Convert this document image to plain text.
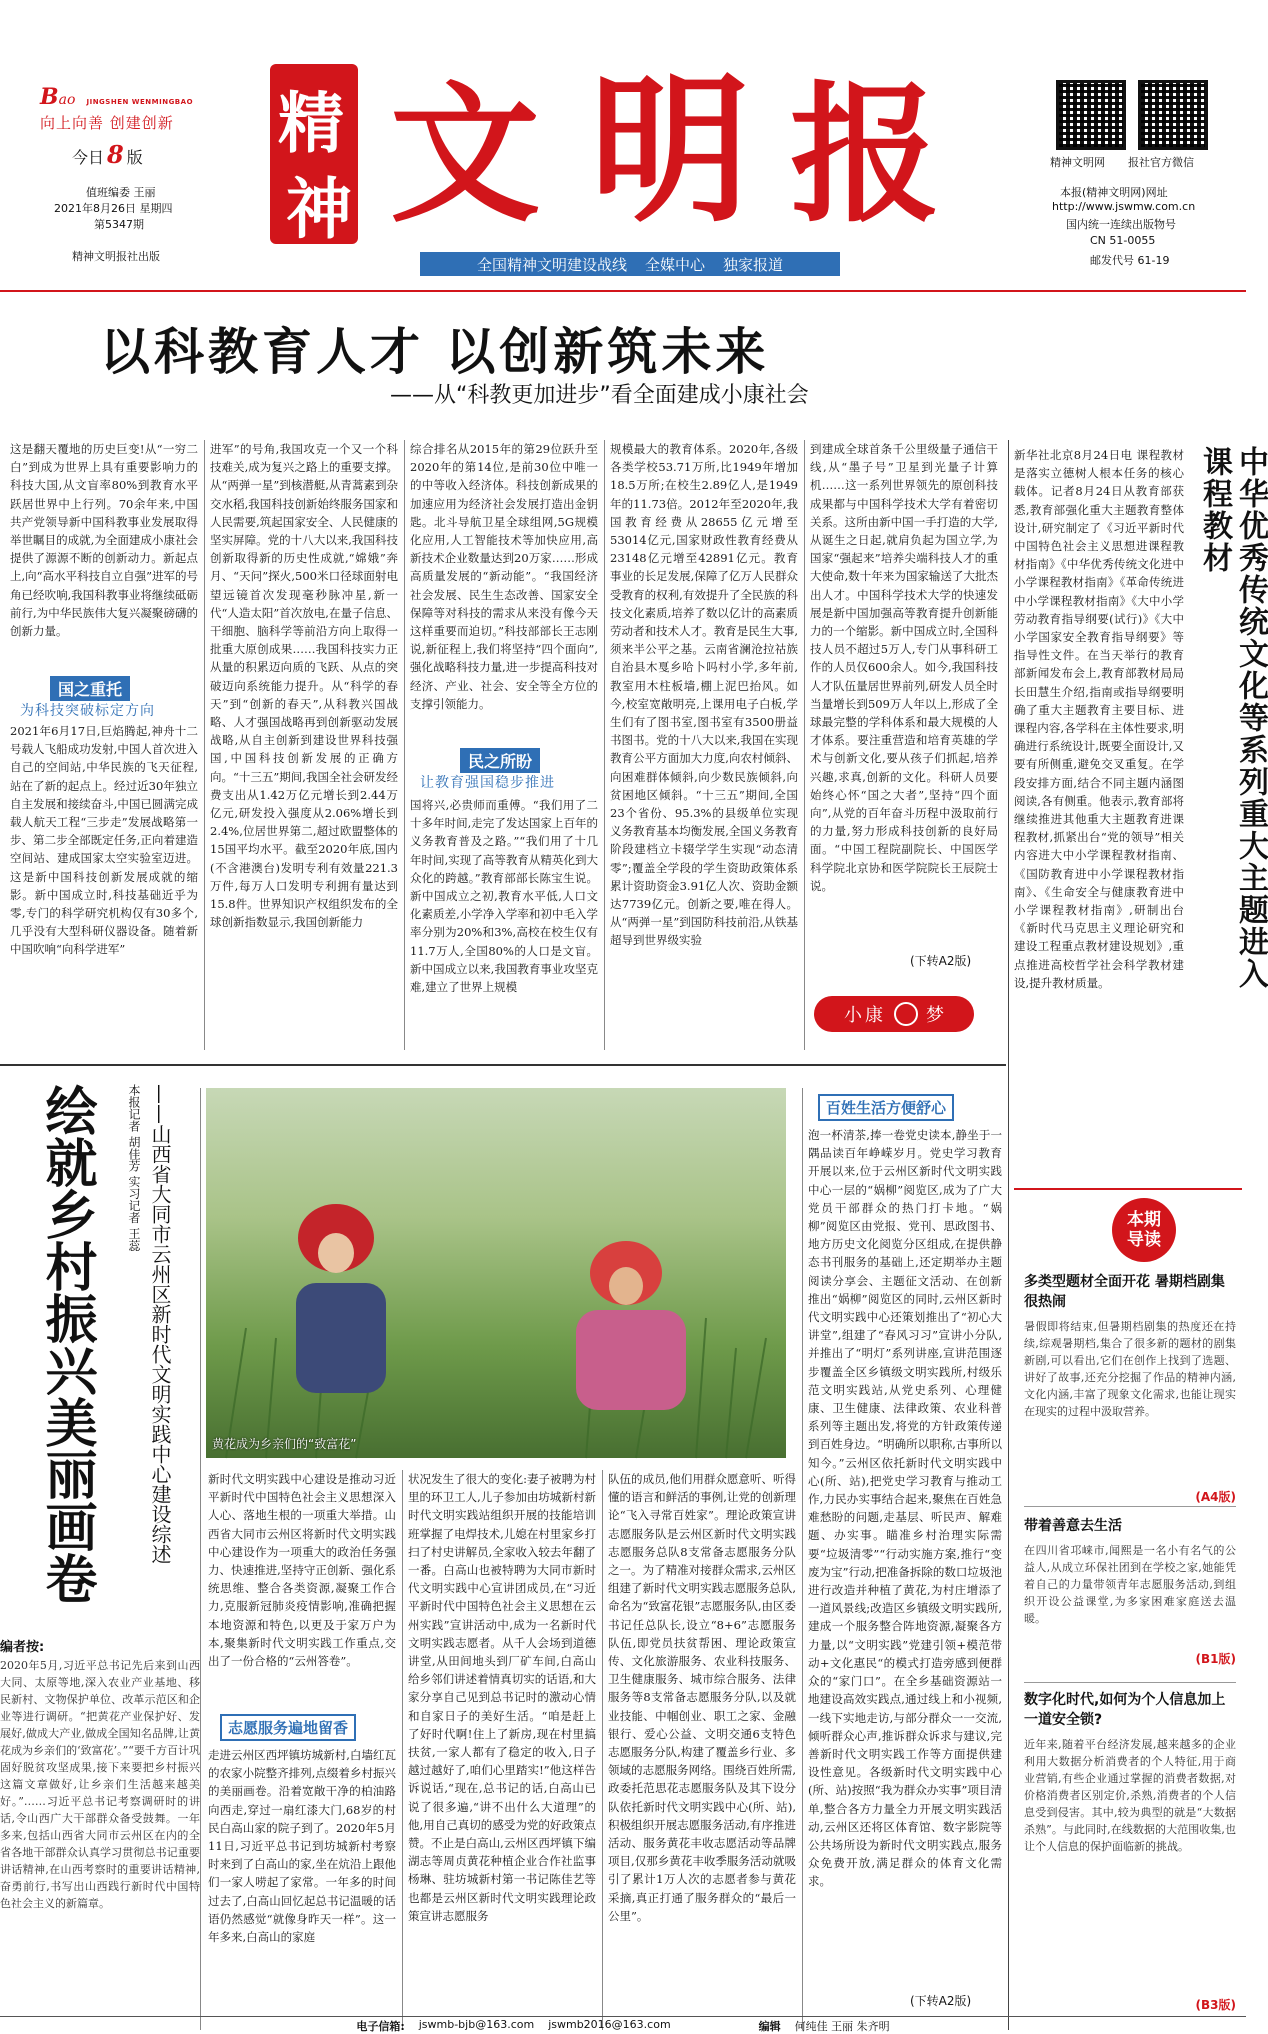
Bao JINGSHEN WENMINGBAO
向上向善 创建创新
今日 8 版
值班编委 王丽
2021年8月26日 星期四
第5347期
精神文明报社出版
精
神 文 明 报
全国精神文明建设战线 全媒中心 独家报道
精神文明网 报社官方微信
本报(精神文明网)网址
http://www.jswmw.com.cn
国内统一连续出版物号
CN 51-0055
邮发代号 61-19
以科教育人才 以创新筑未来
——从“科教更加进步”看全面建成小康社会
这是翻天覆地的历史巨变!从“一穷二白”到成为世界上具有重要影响力的科技大国,从文盲率80%到教育水平跃居世界中上行列。70余年来,中国共产党领导新中国科教事业发展取得举世瞩目的成就,为全面建成小康社会提供了源源不断的创新动力。新起点上,向“高水平科技自立自强”进军的号角已经吹响,我国科教事业将继续砥砺前行,为中华民族伟大复兴凝聚磅礴的创新力量。
国之重托
为科技突破标定方向
2021年6月17日,巨焰腾起,神舟十二号载人飞船成功发射,中国人首次进入自己的空间站,中华民族的飞天征程,站在了新的起点上。经过近30年独立自主发展和接续奋斗,中国已圆满完成载人航天工程“三步走”发展战略第一步、第二步全部既定任务,正向着建造空间站、建成国家太空实验室迈进。这是新中国科技创新发展成就的缩影。新中国成立时,科技基础近乎为零,专门的科学研究机构仅有30多个,几乎没有大型科研仪器设备。随着新中国吹响“向科学进军”
进军”的号角,我国攻克一个又一个科技难关,成为复兴之路上的重要支撑。从“两弹一星”到核潜艇,从青蒿素到杂交水稻,我国科技创新始终服务国家和人民需要,筑起国家安全、人民健康的坚实屏障。党的十八大以来,我国科技创新取得新的历史性成就,“嫦娥”奔月、“天问”探火,500米口径球面射电望远镜首次发现毫秒脉冲星,新一代“人造太阳”首次放电,在量子信息、干细胞、脑科学等前沿方向上取得一批重大原创成果……我国科技实力正从量的积累迈向质的飞跃、从点的突破迈向系统能力提升。从“科学的春天”到“创新的春天”,从科教兴国战略、人才强国战略再到创新驱动发展战略,从自主创新到建设世界科技强国,中国科技创新发展的正确方向。“十三五”期间,我国全社会研发经费支出从1.42万亿元增长到2.44万亿元,研发投入强度从2.06%增长到2.4%,位居世界第二,超过欧盟整体的15国平均水平。截至2020年底,国内(不含港澳台)发明专利有效量221.3万件,每万人口发明专利拥有量达到15.8件。世界知识产权组织发布的全球创新指数显示,我国创新能力
综合排名从2015年的第29位跃升至2020年的第14位,是前30位中唯一的中等收入经济体。科技创新成果的加速应用为经济社会发展打造出金钥匙。北斗导航卫星全球组网,5G规模化应用,人工智能技术等加快应用,高新技术企业数量达到20万家……形成高质量发展的“新动能”。“我国经济社会发展、民生生态改善、国家安全保障等对科技的需求从来没有像今天这样重要而迫切。”科技部部长王志刚说,新征程上,我们将坚持“四个面向”,强化战略科技力量,进一步提高科技对经济、产业、社会、安全等全方位的支撑引领能力。
民之所盼
让教育强国稳步推进
国将兴,必贵师而重傅。“我们用了二十多年时间,走完了发达国家上百年的义务教育普及之路。”“我们用了十几年时间,实现了高等教育从精英化到大众化的跨越。”教育部部长陈宝生说。新中国成立之初,教育水平低,人口文化素质差,小学净入学率和初中毛入学率分别为20%和3%,高校在校生仅有11.7万人,全国80%的人口是文盲。新中国成立以来,我国教育事业攻坚克难,建立了世界上规模
规模最大的教育体系。2020年,各级各类学校53.71万所,比1949年增加18.5万所;在校生2.89亿人,是1949年的11.73倍。2012年至2020年,我国教育经费从28655亿元增至53014亿元,国家财政性教育经费从23148亿元增至42891亿元。教育事业的长足发展,保障了亿万人民群众受教育的权利,有效提升了全民族的科技文化素质,培养了数以亿计的高素质劳动者和技术人才。教育是民生大事,须来半公平之基。云南省澜沧拉祜族自治县木戛乡哈卜吗村小学,多年前,教室用木柱板墙,棚上泥巴抬风。如今,校室宽敞明亮,上课用电子白板,学生们有了图书室,图书室有3500册益书图书。党的十八大以来,我国在实现教育公平方面加大力度,向农村倾斜、向困难群体倾斜,向少数民族倾斜,向贫困地区倾斜。“十三五”期间,全国23个省份、95.3%的县级单位实现义务教育基本均衡发展,全国义务教育阶段建档立卡辍学学生实现“动态清零”;覆盖全学段的学生资助政策体系累计资助资金3.91亿人次、资助金额达7739亿元。创新之要,唯在得人。从“两弹一星”到国防科技前沿,从铁基超导到世界级实验
到建成全球首条千公里级量子通信干线,从“墨子号”卫星到光量子计算机……这一系列世界领先的原创科技成果都与中国科学技术大学有着密切关系。这所由新中国一手打造的大学,从诞生之日起,就肩负起为国立学,为国家“强起来”培养尖端科技人才的重大使命,数十年来为国家输送了大批杰出人才。中国科学技术大学的快速发展是新中国加强高等教育提升创新能力的一个缩影。新中国成立时,全国科技人员不超过5万人,专门从事科研工作的人员仅600余人。如今,我国科技人才队伍量居世界前列,研发人员全时当量增长到509万人年以上,形成了全球最完整的学科体系和最大规模的人才体系。要注重营造和培育英雄的学术与创新文化,要从孩子们抓起,培养兴趣,求真,创新的文化。科研人员要始终心怀“国之大者”,坚持“四个面向”,从党的百年奋斗历程中汲取前行的力量,努力形成科技创新的良好局面。“中国工程院副院长、中国医学科学院北京协和医学院院长王辰院士说。
(下转A2版)
小康 梦
新华社北京8月24日电 课程教材是落实立德树人根本任务的核心载体。记者8月24日从教育部获悉,教育部强化重大主题教育整体设计,研究制定了《习近平新时代中国特色社会主义思想进课程教材指南》《中华优秀传统文化进中小学课程教材指南》《革命传统进中小学课程教材指南》《大中小学劳动教育指导纲要(试行)》《大中小学国家安全教育指导纲要》等指导性文件。在当天举行的教育部新闻发布会上,教育部教材局局长田慧生介绍,指南或指导纲要明确了重大主题教育主要目标、进课程内容,各学科在主体性要求,明确进行系统设计,既要全面设计,又要有所侧重,避免交叉重复。在学段安排方面,结合不同主题内涵图阅读,各有侧重。他表示,教育部将继续推进其他重大主题教育进课程教材,抓紧出台“党的领导”相关内容进大中小学课程教材指南、《国防教育进中小学课程教材指南》、《生命安全与健康教育进中小学课程教材指南》,研制出台《新时代马克思主义理论研究和建设工程重点教材建设规划》,重点推进高校哲学社会科学教材建设,提升教材质量。	中华优秀传统文化等系列重大主题进入课程教材
本期导读
多类型题材全面开花 暑期档剧集很热闹
暑假即将结束,但暑期档剧集的热度还在持续,综观暑期档,集合了很多新的题材的剧集新剧,可以看出,它们在创作上找到了选题、讲好了故事,还充分挖掘了作品的精神内涵,文化内涵,丰富了现象文化需求,也能让现实在现实的过程中汲取营养。
(A4版)
带着善意去生活
在四川省邛崃市,闻熙是一名小有名气的公益人,从成立环保社团到在学校之家,她能凭着自己的力量带领青年志愿服务活动,到组织开设公益课堂,为多家困难家庭送去温暖。
(B1版)
数字化时代,如何为个人信息加上一道安全锁?
近年来,随着平台经济发展,越来越多的企业利用大数据分析消费者的个人特征,用于商业营销,有些企业通过掌握的消费者数据,对价格消费者区别定价,杀熟,消费者的个人信息受到侵害。其中,较为典型的就是“大数据杀熟”。与此同时,在线数据的大范围收集,也让个人信息的保护面临新的挑战。
(B3版)
本报记者 胡佳芳 实习记者 王蕊
绘就乡村振兴美丽画卷	——山西省大同市云州区新时代文明实践中心建设综述
编者按:
2020年5月,习近平总书记先后来到山西大同、太原等地,深入农业产业基地、移民新村、文物保护单位、改革示范区和企业等进行调研。“把黄花产业保护好、发展好,做成大产业,做成全国知名品牌,让黄花成为乡亲们的‘致富花’。”“要千方百计巩固好脱贫攻坚成果,接下来要把乡村振兴这篇文章做好,让乡亲们生活越来越美好。”……习近平总书记考察调研时的讲话,令山西广大干部群众备受鼓舞。一年多来,包括山西省大同市云州区在内的全省各地干部群众认真学习贯彻总书记重要讲话精神,在山西考察时的重要讲话精神,奋勇前行,书写出山西践行新时代中国特色社会主义的新篇章。
黄花成为乡亲们的“致富花”
新时代文明实践中心建设是推动习近平新时代中国特色社会主义思想深入人心、落地生根的一项重大举措。山西省大同市云州区将新时代文明实践中心建设作为一项重大的政治任务强力、快速推进,坚持守正创新、强化系统思维、整合各类资源,凝聚工作合力,克服新冠肺炎疫情影响,准确把握本地资源和特色,以更及于家万户为本,聚集新时代文明实践工作重点,交出了一份合格的“云州答卷”。
志愿服务遍地留香
走进云州区西坪镇坊城新村,白墙红瓦的农家小院整齐排列,点缀着乡村振兴的美丽画卷。沿着宽敞干净的柏油路向西走,穿过一扇红漆大门,68岁的村民白高山家的院子到了。2020年5月11日,习近平总书记到坊城新村考察时来到了白高山的家,坐在炕沿上跟他们一家人唠起了家常。一年多的时间过去了,白高山回忆起总书记温暖的话语仍然感觉“就像身昨天一样”。这一年多来,白高山的家庭
状况发生了很大的变化:妻子被聘为村里的环卫工人,儿子参加由坊城新村新时代文明实践站组织开展的技能培训班掌握了电焊技术,儿媳在村里家乡打扫了村史讲解员,全家收入较去年翻了一番。白高山也被特聘为大同市新时代文明实践中心宣讲团成员,在“习近平新时代中国特色社会主义思想在云州实践”宣讲活动中,成为一名新时代文明实践志愿者。从千人会场到道德讲堂,从田间地头到厂矿车间,白高山给乡邻们讲述着情真切实的话语,和大家分享自己见到总书记时的激动心情和自家日子的美好生活。“咱是赶上了好时代啊!住上了新房,现在村里搞扶贫,一家人都有了稳定的收入,日子越过越好了,咱们心里踏实!”他这样告诉说话,“现在,总书记的话,白高山已说了很多遍,“讲不出什么大道理”的他,用自己真切的感受为党的好政策点赞。不止是白高山,云州区西坪镇下编湖志等周贞黄花种植企业合作社监事杨琳、驻坊城新村第一书记陈佳艺等也都是云州区新时代文明实践理论政策宣讲志愿服务
队伍的成员,他们用群众愿意听、听得懂的语言和鲜活的事例,让党的创新理论“飞入寻常百姓家”。理论政策宣讲志愿服务队是云州区新时代文明实践志愿服务总队8支常备志愿服务分队之一。为了精准对接群众需求,云州区组建了新时代文明实践志愿服务总队,命名为“致富花银”志愿服务队,由区委书记任总队长,设立“8+6”志愿服务队伍,即党员扶贫帮困、理论政策宣传、文化旅游服务、农业科技服务、卫生健康服务、城市综合服务、法律服务等8支常备志愿服务分队,以及就业技能、中帼创业、职工之家、金融银行、爱心公益、文明交通6支特色志愿服务分队,构建了覆盖乡行业、多领域的志愿服务网络。围绕百姓所需,政委托范思花志愿服务队及其下设分队依托新时代文明实践中心(所、站),积极组织开展志愿服务活动,有序推进活动、服务黄花丰收志愿活动等品牌项目,仅那乡黄花丰收季服务活动就吸引了累计1万人次的志愿者参与黄花采摘,真正打通了服务群众的“最后一公里”。
百姓生活方便舒心
泡一杯清茶,捧一卷党史读本,静坐于一隅品读百年峥嵘岁月。党史学习教育开展以来,位于云州区新时代文明实践中心一层的“娲柳”阅览区,成为了广大党员干部群众的热门打卡地。“娲柳”阅览区由党报、党刊、思政图书、地方历史文化阅览分区组成,在提供静态书刊服务的基础上,还定期举办主题阅读分享会、主题征文活动、在创新推出“娲柳”阅览区的同时,云州区新时代文明实践中心还策划推出了“初心大讲堂”,组建了“春风习习”宣讲小分队,并推出了“明灯”系列讲座,宣讲范围逐步覆盖全区乡镇级文明实践所,村级乐范文明实践站,从党史系列、心理健康、卫生健康、法律政策、农业科普系列等主题出发,将党的方针政策传递到百姓身边。“明确所以职称,古事所以知今。”云州区依托新时代文明实践中心(所、站),把党史学习教育与推动工作,力民办实事结合起来,聚焦在百姓急难愁盼的问题,走基层、听民声、解难题、办实事。瞄准乡村治理实际需要“垃圾清零”“行动实施方案,推行“变废为宝”行动,把准备拆除的数口垃圾池进行改造并种植了黄花,为村庄增添了一道风景线;改造区乡镇级文明实践所,建成一个服务整合阵地资源,凝聚各方力量,以“文明实践”党建引领+模范带动+文化惠民“的模式打造旁感到便群众的“家门口”。在全乡基础资源站一地建设高效实践点,通过线上和小视频,一线下实地走访,与部分群众一一交流,倾听群众心声,推诉群众诉求与建议,完善新时代文明实践工作等方面提供建设性意见。各级新时代文明实践中心(所、站)按照“我为群众办实事”项目清单,整合各方力量全力开展文明实践活动,云州区还将区体育馆、数字影院等公共场所设为新时代文明实践点,服务众免费开放,满足群众的体育文化需求。
(下转A2版)
电子信箱: jswmb-bjb@163.com jswmb2016@163.com	编辑 何纯佳 王丽 朱齐明
